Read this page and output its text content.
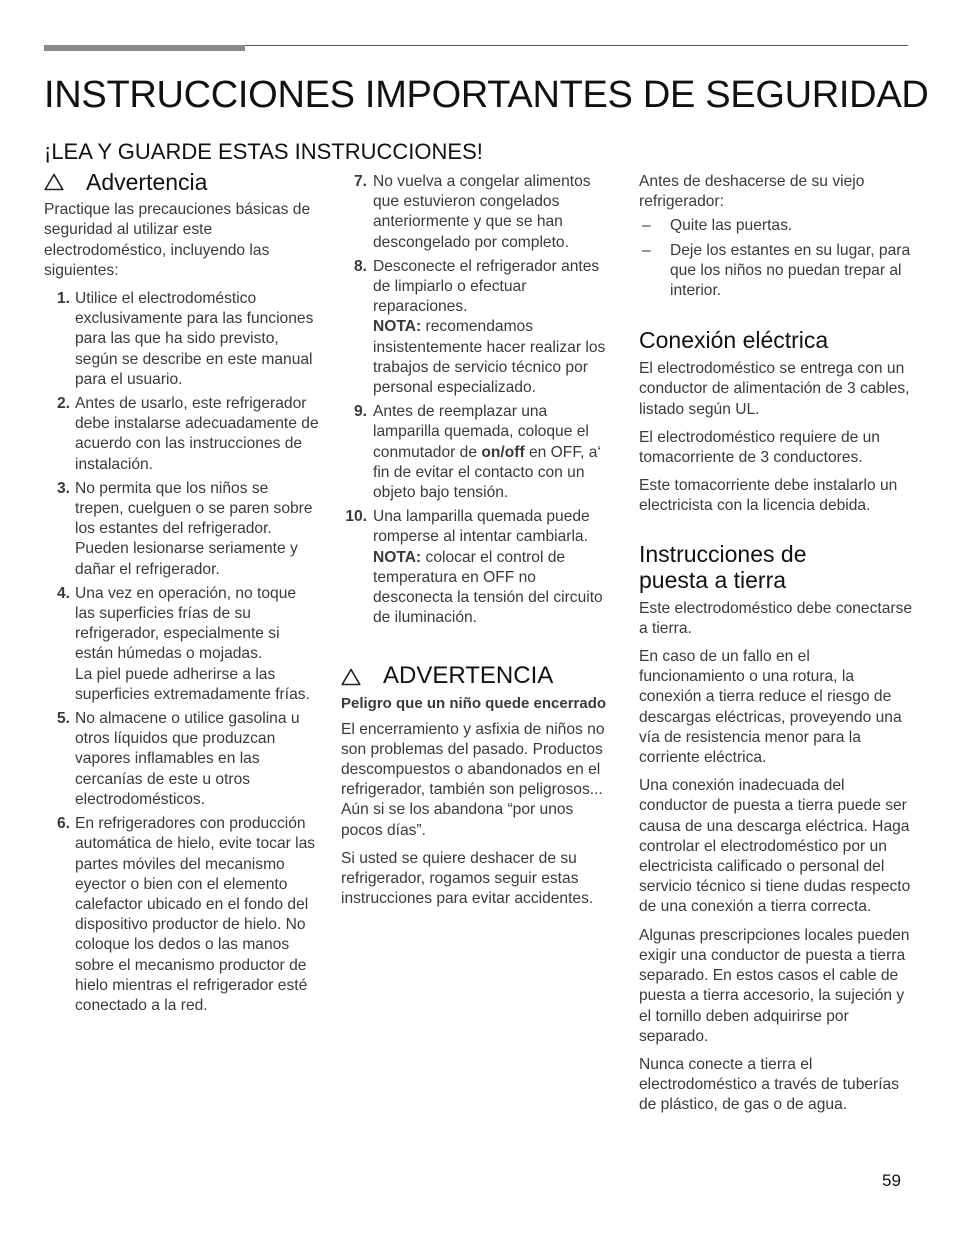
INSTRUCCIONES IMPORTANTES DE SEGURIDAD
¡LEA Y GUARDE ESTAS INSTRUCCIONES!
Advertencia

Practique las precauciones básicas de seguridad al utilizar este electrodoméstico, incluyendo las siguientes:

1. Utilice el electrodoméstico exclusivamente para las funciones para las que ha sido previsto, según se describe en este manual para el usuario.
2. Antes de usarlo, este refrigerador debe instalarse adecuadamente de acuerdo con las instrucciones de instalación.
3. No permita que los niños se trepen, cuelguen o se paren sobre los estantes del refrigerador. Pueden lesionarse seriamente y dañar el refrigerador.
4. Una vez en operación, no toque las superficies frías de su refrigerador, especialmente si están húmedas o mojadas.
La piel puede adherirse a las superficies extremadamente frías.
5. No almacene o utilice gasolina u otros líquidos que produzcan vapores inflamables en las cercanías de este u otros electrodomésticos.
6. En refrigeradores con producción automática de hielo, evite tocar las partes móviles del mecanismo eyector o bien con el elemento calefactor ubicado en el fondo del dispositivo productor de hielo. No coloque los dedos o las manos sobre el mecanismo productor de hielo mientras el refrigerador esté conectado a la red.
7. No vuelva a congelar alimentos que estuvieron congelados anteriormente y que se han descongelado por completo.
8. Desconecte el refrigerador antes de limpiarlo o efectuar reparaciones.
NOTA: recomendamos insistentemente hacer realizar los trabajos de servicio técnico por personal especializado.
9. Antes de reemplazar una lamparilla quemada, coloque el conmutador de on/off en OFF, a‘ fin de evitar el contacto con un objeto bajo tensión.
10. Una lamparilla quemada puede romperse al intentar cambiarla.
NOTA: colocar el control de temperatura en OFF no desconecta la tensión del circuito de iluminación.
ADVERTENCIA

Peligro que un niño quede encerrado

El encerramiento y asfixia de niños no son problemas del pasado. Productos descompuestos o abandonados en el refrigerador, también son peligrosos... Aún si se los abandona “por unos pocos días”.

Si usted se quiere deshacer de su refrigerador, rogamos seguir estas instrucciones para evitar accidentes.

Antes de deshacerse de su viejo refrigerador:

– Quite las puertas.
– Deje los estantes en su lugar, para que los niños no puedan trepar al interior.
Conexión eléctrica

El electrodoméstico se entrega con un conductor de alimentación de 3 cables, listado según UL.

El electrodoméstico requiere de un tomacorriente de 3 conductores.

Este tomacorriente debe instalarlo un electricista con la licencia debida.

Instrucciones de puesta a tierra

Este electrodoméstico debe conectarse a tierra.

En caso de un fallo en el funcionamiento o una rotura, la conexión a tierra reduce el riesgo de descargas eléctricas, proveyendo una vía de resistencia menor para la corriente eléctrica.

Una conexión inadecuada del conductor de puesta a tierra puede ser causa de una descarga eléctrica. Haga controlar el electrodoméstico por un electricista calificado o personal del servicio técnico si tiene dudas respecto de una conexión a tierra correcta.

Algunas prescripciones locales pueden exigir una conductor de puesta a tierra separado. En estos casos el cable de puesta a tierra accesorio, la sujeción y el tornillo deben adquirirse por separado.

Nunca conecte a tierra el electrodoméstico a través de tuberías de plástico, de gas o de agua.

59
